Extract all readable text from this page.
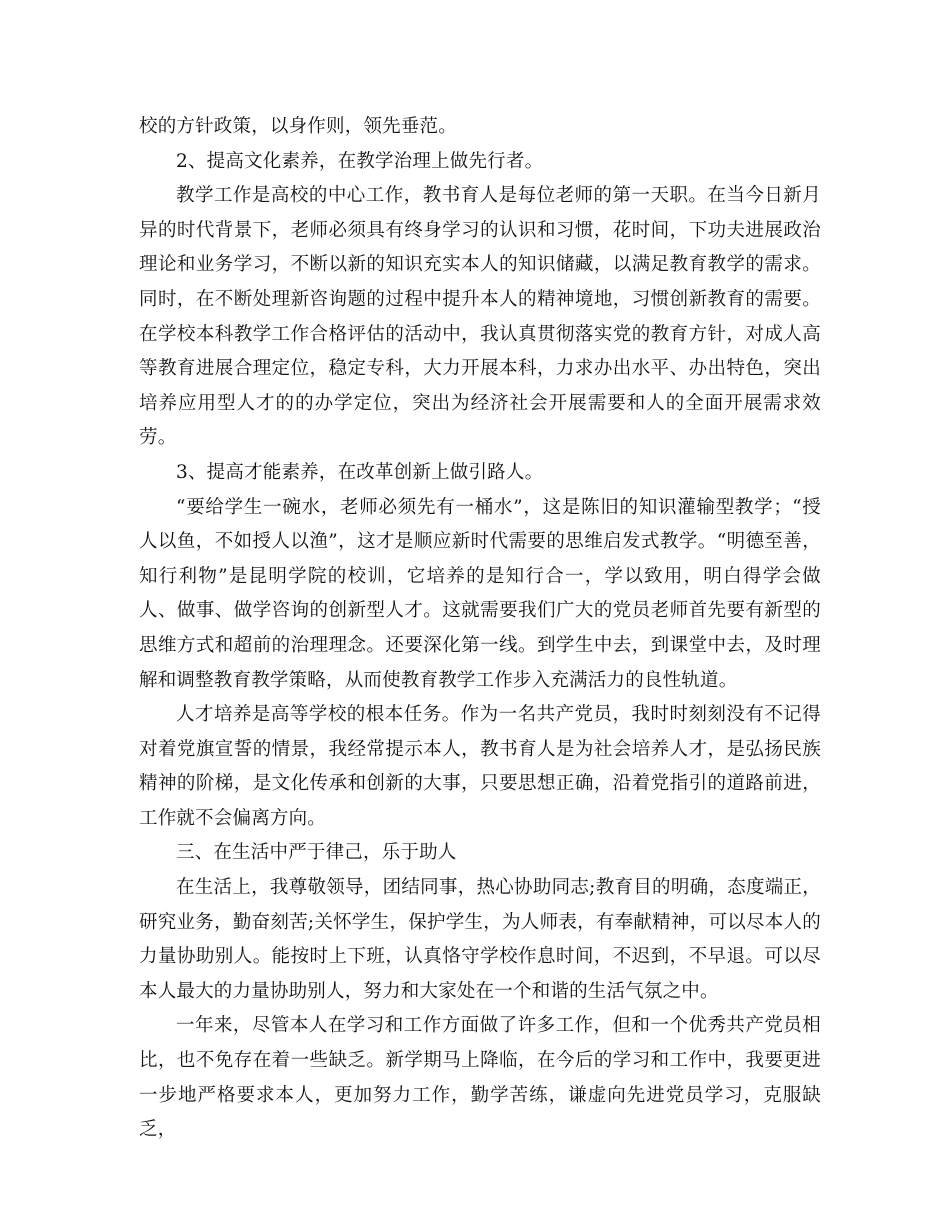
校的方针政策，以身作则，领先垂范。

2、提高文化素养，在教学治理上做先行者。

教学工作是高校的中心工作，教书育人是每位老师的第一天职。在当今日新月异的时代背景下，老师必须具有终身学习的认识和习惯，花时间，下功夫进展政治理论和业务学习，不断以新的知识充实本人的知识储藏，以满足教育教学的需求。同时，在不断处理新咨询题的过程中提升本人的精神境地，习惯创新教育的需要。在学校本科教学工作合格评估的活动中，我认真贯彻落实党的教育方针，对成人高等教育进展合理定位，稳定专科，大力开展本科，力求办出水平、办出特色，突出培养应用型人才的的办学定位，突出为经济社会开展需要和人的全面开展需求效劳。

3、提高才能素养，在改革创新上做引路人。

“要给学生一碗水，老师必须先有一桶水”，这是陈旧的知识灌输型教学；“授人以鱼，不如授人以渔”，这才是顺应新时代需要的思维启发式教学。“明德至善，知行利物”是昆明学院的校训，它培养的是知行合一，学以致用，明白得学会做人、做事、做学咨询的创新型人才。这就需要我们广大的党员老师首先要有新型的思维方式和超前的治理理念。还要深化第一线。到学生中去，到课堂中去，及时理解和调整教育教学策略，从而使教育教学工作步入充满活力的良性轨道。

人才培养是高等学校的根本任务。作为一名共产党员，我时时刻刻没有不记得对着党旗宣誓的情景，我经常提示本人，教书育人是为社会培养人才，是弘扬民族精神的阶梯，是文化传承和创新的大事，只要思想正确，沿着党指引的道路前进，工作就不会偏离方向。

三、在生活中严于律己，乐于助人

在生活上，我尊敬领导，团结同事，热心协助同志;教育目的明确，态度端正，研究业务，勤奋刻苦;关怀学生，保护学生，为人师表，有奉献精神，可以尽本人的力量协助别人。能按时上下班，认真恪守学校作息时间，不迟到，不早退。可以尽本人最大的力量协助别人，努力和大家处在一个和谐的生活气氛之中。

一年来，尽管本人在学习和工作方面做了许多工作，但和一个优秀共产党员相比，也不免存在着一些缺乏。新学期马上降临，在今后的学习和工作中，我要更进一步地严格要求本人，更加努力工作，勤学苦练，谦虚向先进党员学习，克服缺乏，
